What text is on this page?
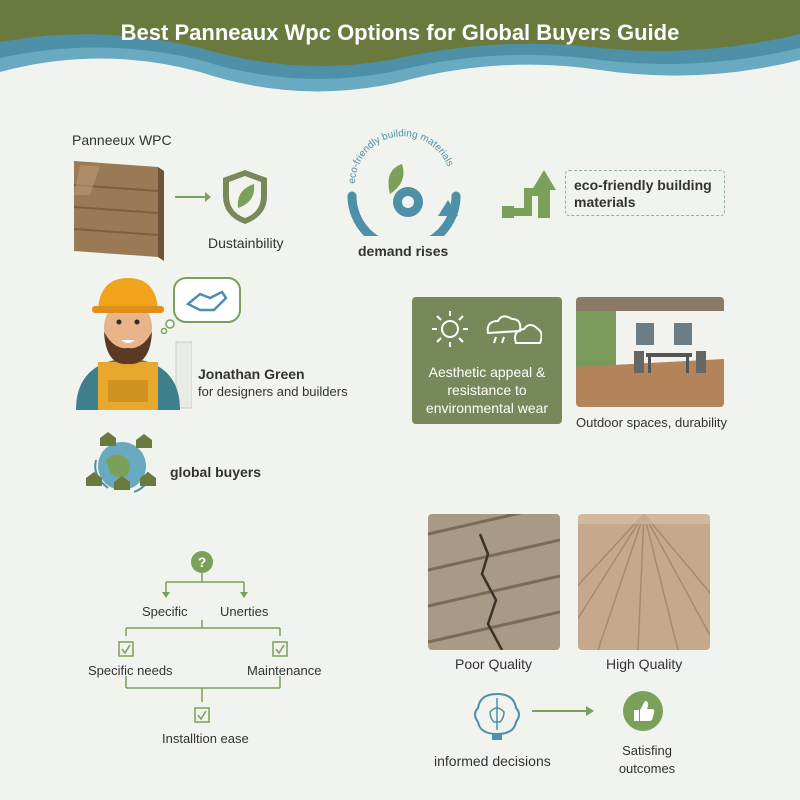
Best Panneaux Wpc Options for Global Buyers Guide
Panneeux WPC
Dustainbility
eco-friendly building materials
demand rises
eco-friendly building materials
Jonathan Green
for designers and builders
global buyers
Aesthetic appeal & resistance to environmental wear
Outdoor spaces, durability
?
Specific Unerties
Specific needs	Maintenance
Installtion ease
Poor Quality	High Quality
informed decisions
Satisfing outcomes
